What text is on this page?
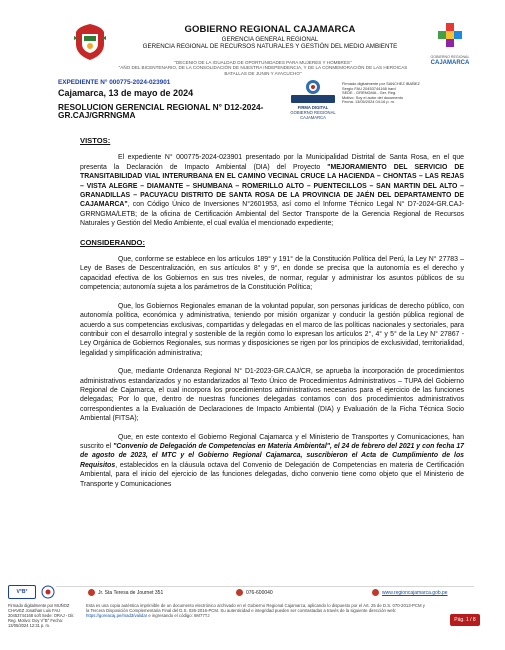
GOBIERNO REGIONAL CAJAMARCA
GERENCIA GENERAL REGIONAL
GERENCIA REGIONAL DE RECURSOS NATURALES Y GESTIÓN DEL MEDIO AMBIENTE
"DECENIO DE LA IGUALDAD DE OPORTUNIDADES PARA MUJERES Y HOMBRES"
"AÑO DEL BICENTENARIO, DE LA CONSOLIDACIÓN DE NUESTRA INDEPENDENCIA, Y DE LA CONMEMORACIÓN DE LAS HEROICAS BATALLAS DE JUNIN Y AYACUCHO"
GOBIERNO REGIONAL
CAJAMARCA
EXPEDIENTE N° 000775-2024-023901
Cajamarca, 13 de mayo de 2024
RESOLUCION GERENCIAL REGIONAL N° D12-2024-GR.CAJ/GRRNGMA
FIRMA DIGITAL
GOBIERNO REGIONAL CAJAMARCA
Firmado digitalmente por SANCHEZ IBAÑEZ
Sergio FAU 20453744168 hard
SEDE - GRRNGMA - Ger. Reg.
Motivo: Soy el autor del documento
Fecha: 13/05/2024 04:16 p. m.
VISTOS:

El expediente N° 000775-2024-023901 presentado por la Municipalidad Distrital de Santa Rosa, en el que presenta la Declaración de Impacto Ambiental (DIA) del Proyecto "MEJORAMIENTO DEL SERVICIO DE TRANSITABILIDAD VIAL INTERURBANA EN EL CAMINO VECINAL CRUCE LA HACIENDA – CHONTAS – LAS REJAS – VISTA ALEGRE – DIAMANTE – SHUMBANA – ROMERILLO ALTO – PUENTECILLOS – SAN MARTIN DEL ALTO – GRANADILLAS – PACUYACU DISTRITO DE SANTA ROSA DE LA PROVINCIA DE JAÉN DEL DEPARTAMENTO DE CAJAMARCA", con Código Único de Inversiones N°2601953, así como el Informe Técnico Legal N° D7-2024-GR.CAJ-GRRNGMA/LETB; de la oficina de Certificación Ambiental del Sector Transporte de la Gerencia Regional de Recursos Naturales y Gestión del Medio Ambiente, el cual evalúa el mencionado expediente;

CONSIDERANDO:

Que, conforme se establece en los artículos 189° y 191° de la Constitución Política del Perú, la Ley N° 27783 – Ley de Bases de Descentralización, en sus artículos 8° y 9°, en donde se precisa que la autonomía es el derecho y capacidad efectiva de los Gobiernos en sus tres niveles, de normar, regular y administrar los asuntos públicos de su competencia; autonomía sujeta a los parámetros de la Constitución Política;

Que, los Gobiernos Regionales emanan de la voluntad popular, son personas jurídicas de derecho público, con autonomía política, económica y administrativa, teniendo por misión organizar y conducir la gestión pública regional de acuerdo a sus competencias exclusivas, compartidas y delegadas en el marco de las políticas nacionales y sectoriales, para contribuir con el desarrollo integral y sostenible de la región como lo expresan los artículos 2°, 4° y 5° de la Ley N° 27867 - Ley Orgánica de Gobiernos Regionales, sus normas y disposiciones se rigen por los principios de exclusividad, territorialidad, legalidad y simplificación administrativa;

Que, mediante Ordenanza Regional N° D1-2023-GR.CAJ/CR, se aprueba la incorporación de procedimientos administrativos estandarizados y no estandarizados al Texto Único de Procedimientos Administrativos – TUPA del Gobierno Regional de Cajamarca, el cual incorpora los procedimientos administrativos necesarios para el ejercicio de las funciones delegadas; Por lo que, dentro de nuestras funciones delegadas contamos con dos procedimientos administrativos correspondientes a la Evaluación de Declaraciones de Impacto Ambiental (DIA) y Evaluación de la Ficha Técnica Socio Ambiental (FITSA);

Que, en este contexto el Gobierno Regional Cajamarca y el Ministerio de Transportes y Comunicaciones, han suscrito el "Convenio de Delegación de Competencias en Materia Ambiental", el 24 de febrero del 2021 y con fecha 17 de agosto de 2023, el MTC y el Gobierno Regional Cajamarca, suscribieron el Acta de Cumplimiento de los Requisitos, establecidos en la cláusula octava del Convenio de Delegación de Competencias en materia de Certificación Ambiental, para el inicio del ejercicio de las funciones delegadas, dicho convenio tiene como objeto que el Ministerio de Transporte y Comunicaciones

Jr. Sta Teresa de Journet 351	076-600040	www.regioncajamarca.gob.pe
Esta es una copia auténtica imprimible de un documento electrónico archivado en el Gobierno Regional Cajamarca, aplicando lo dispuesto por el Art. 25 de D.S. 070-2013-PCM y la Tercera Disposición Complementaria Final del D.S. 026-2016-PCM. Su autenticidad e integridad pueden ser contrastadas a través de la siguiente dirección web: https://goreacaj.pe/mad3/validar e ingresando el código: 6M77TJ
Pág. 1 / 8
V°B°
Firmado digitalmente por MUÑOZ CHAVEZ Jonathan Luis FAU 20453744168 soft Sede: ORAJ - Dir. Reg. Motivo: Doy V°B° Fecha: 13/05/2024 12:31 p. m.
